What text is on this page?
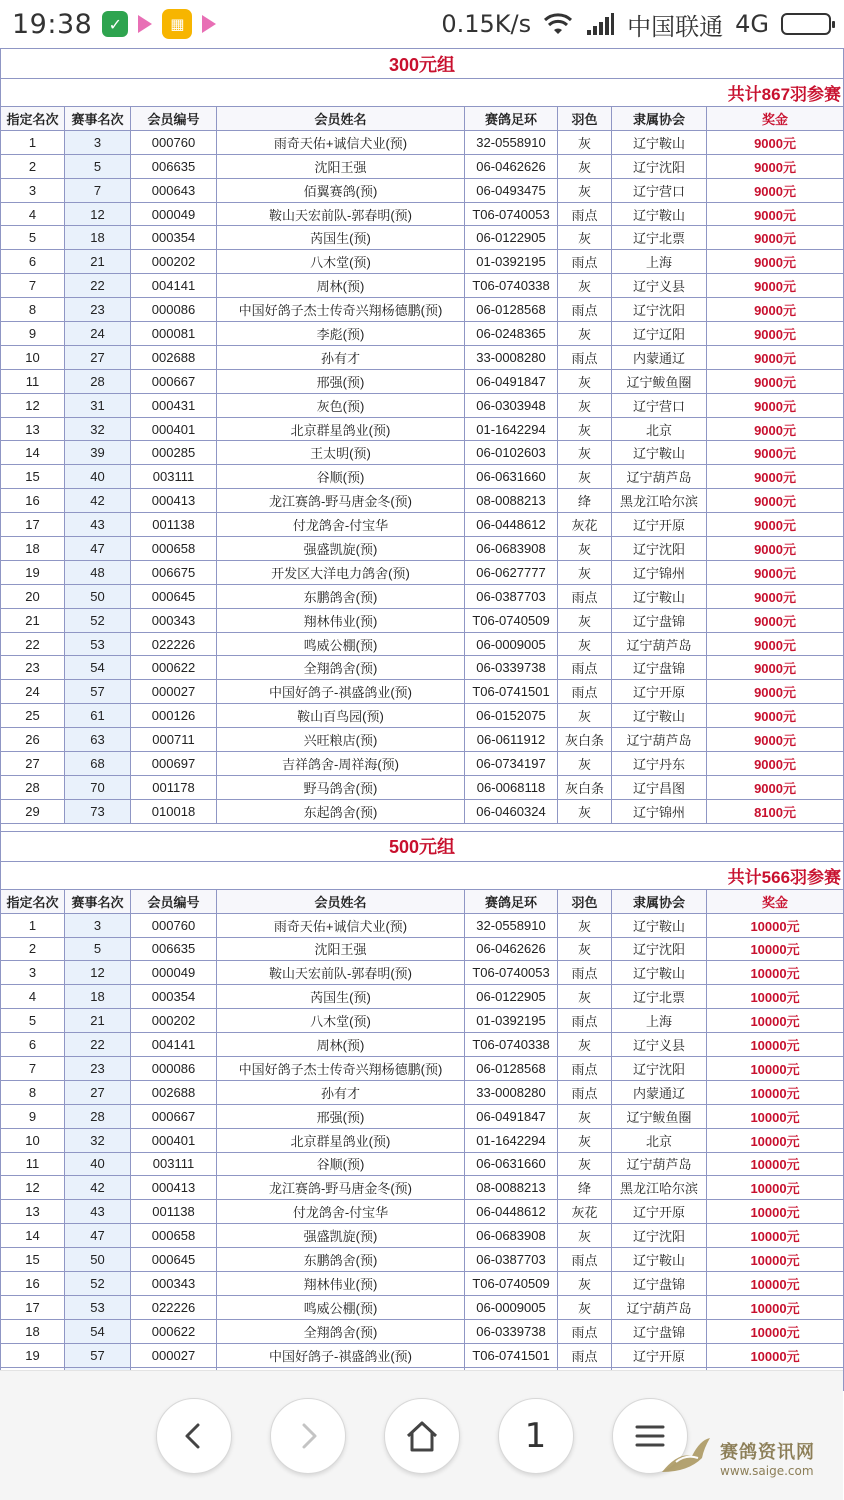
19:38	✓	▦	0.15K/s	中国联通 4G
300元组							
					共计867羽参赛		
指定名次	赛事名次	会员编号	会员姓名	赛鸽足环	羽色	隶属协会	奖金
1	3	000760	雨奇天佑+诚信犬业(预)	32-0558910	灰	辽宁鞍山	9000元
2	5	006635	沈阳王强	06-0462626	灰	辽宁沈阳	9000元
3	7	000643	佰翼赛鸽(预)	06-0493475	灰	辽宁营口	9000元
4	12	000049	鞍山天宏前队-郭春明(预)	T06-0740053	雨点	辽宁鞍山	9000元
5	18	000354	芮国生(预)	06-0122905	灰	辽宁北票	9000元
6	21	000202	八木堂(预)	01-0392195	雨点	上海	9000元
7	22	004141	周林(预)	T06-0740338	灰	辽宁义县	9000元
8	23	000086	中国好鸽子杰士传奇兴翔杨德鹏(预)	06-0128568	雨点	辽宁沈阳	9000元
9	24	000081	李彪(预)	06-0248365	灰	辽宁辽阳	9000元
10	27	002688	孙有才	33-0008280	雨点	内蒙通辽	9000元
11	28	000667	邢强(预)	06-0491847	灰	辽宁鲅鱼圈	9000元
12	31	000431	灰色(预)	06-0303948	灰	辽宁营口	9000元
13	32	000401	北京群星鸽业(预)	01-1642294	灰	北京	9000元
14	39	000285	王太明(预)	06-0102603	灰	辽宁鞍山	9000元
15	40	003111	谷顺(预)	06-0631660	灰	辽宁葫芦岛	9000元
16	42	000413	龙江赛鸽-野马唐金冬(预)	08-0088213	绛	黑龙江哈尔滨	9000元
17	43	001138	付龙鸽舍-付宝华	06-0448612	灰花	辽宁开原	9000元
18	47	000658	强盛凯旋(预)	06-0683908	灰	辽宁沈阳	9000元
19	48	006675	开发区大洋电力鸽舍(预)	06-0627777	灰	辽宁锦州	9000元
20	50	000645	东鹏鸽舍(预)	06-0387703	雨点	辽宁鞍山	9000元
21	52	000343	翔林伟业(预)	T06-0740509	灰	辽宁盘锦	9000元
22	53	022226	鸣威公棚(预)	06-0009005	灰	辽宁葫芦岛	9000元
23	54	000622	全翔鸽舍(预)	06-0339738	雨点	辽宁盘锦	9000元
24	57	000027	中国好鸽子-祺盛鸽业(预)	T06-0741501	雨点	辽宁开原	9000元
25	61	000126	鞍山百鸟园(预)	06-0152075	灰	辽宁鞍山	9000元
26	63	000711	兴旺粮店(预)	06-0611912	灰白条	辽宁葫芦岛	9000元
27	68	000697	吉祥鸽舍-周祥海(预)	06-0734197	灰	辽宁丹东	9000元
28	70	001178	野马鸽舍(预)	06-0068118	灰白条	辽宁昌图	9000元
29	73	010018	东起鸽舍(预)	06-0460324	灰	辽宁锦州	8100元

500元组							
					共计566羽参赛		
指定名次	赛事名次	会员编号	会员姓名	赛鸽足环	羽色	隶属协会	奖金
1	3	000760	雨奇天佑+诚信犬业(预)	32-0558910	灰	辽宁鞍山	10000元
2	5	006635	沈阳王强	06-0462626	灰	辽宁沈阳	10000元
3	12	000049	鞍山天宏前队-郭春明(预)	T06-0740053	雨点	辽宁鞍山	10000元
4	18	000354	芮国生(预)	06-0122905	灰	辽宁北票	10000元
5	21	000202	八木堂(预)	01-0392195	雨点	上海	10000元
6	22	004141	周林(预)	T06-0740338	灰	辽宁义县	10000元
7	23	000086	中国好鸽子杰士传奇兴翔杨德鹏(预)	06-0128568	雨点	辽宁沈阳	10000元
8	27	002688	孙有才	33-0008280	雨点	内蒙通辽	10000元
9	28	000667	邢强(预)	06-0491847	灰	辽宁鲅鱼圈	10000元
10	32	000401	北京群星鸽业(预)	01-1642294	灰	北京	10000元
11	40	003111	谷顺(预)	06-0631660	灰	辽宁葫芦岛	10000元
12	42	000413	龙江赛鸽-野马唐金冬(预)	08-0088213	绛	黑龙江哈尔滨	10000元
13	43	001138	付龙鸽舍-付宝华	06-0448612	灰花	辽宁开原	10000元
14	47	000658	强盛凯旋(预)	06-0683908	灰	辽宁沈阳	10000元
15	50	000645	东鹏鸽舍(预)	06-0387703	雨点	辽宁鞍山	10000元
16	52	000343	翔林伟业(预)	T06-0740509	灰	辽宁盘锦	10000元
17	53	022226	鸣威公棚(预)	06-0009005	灰	辽宁葫芦岛	10000元
18	54	000622	全翔鸽舍(预)	06-0339738	雨点	辽宁盘锦	10000元
19	57	000027	中国好鸽子-祺盛鸽业(预)	T06-0741501	雨点	辽宁开原	10000元

1	赛鸽资讯网
www.saige.com
